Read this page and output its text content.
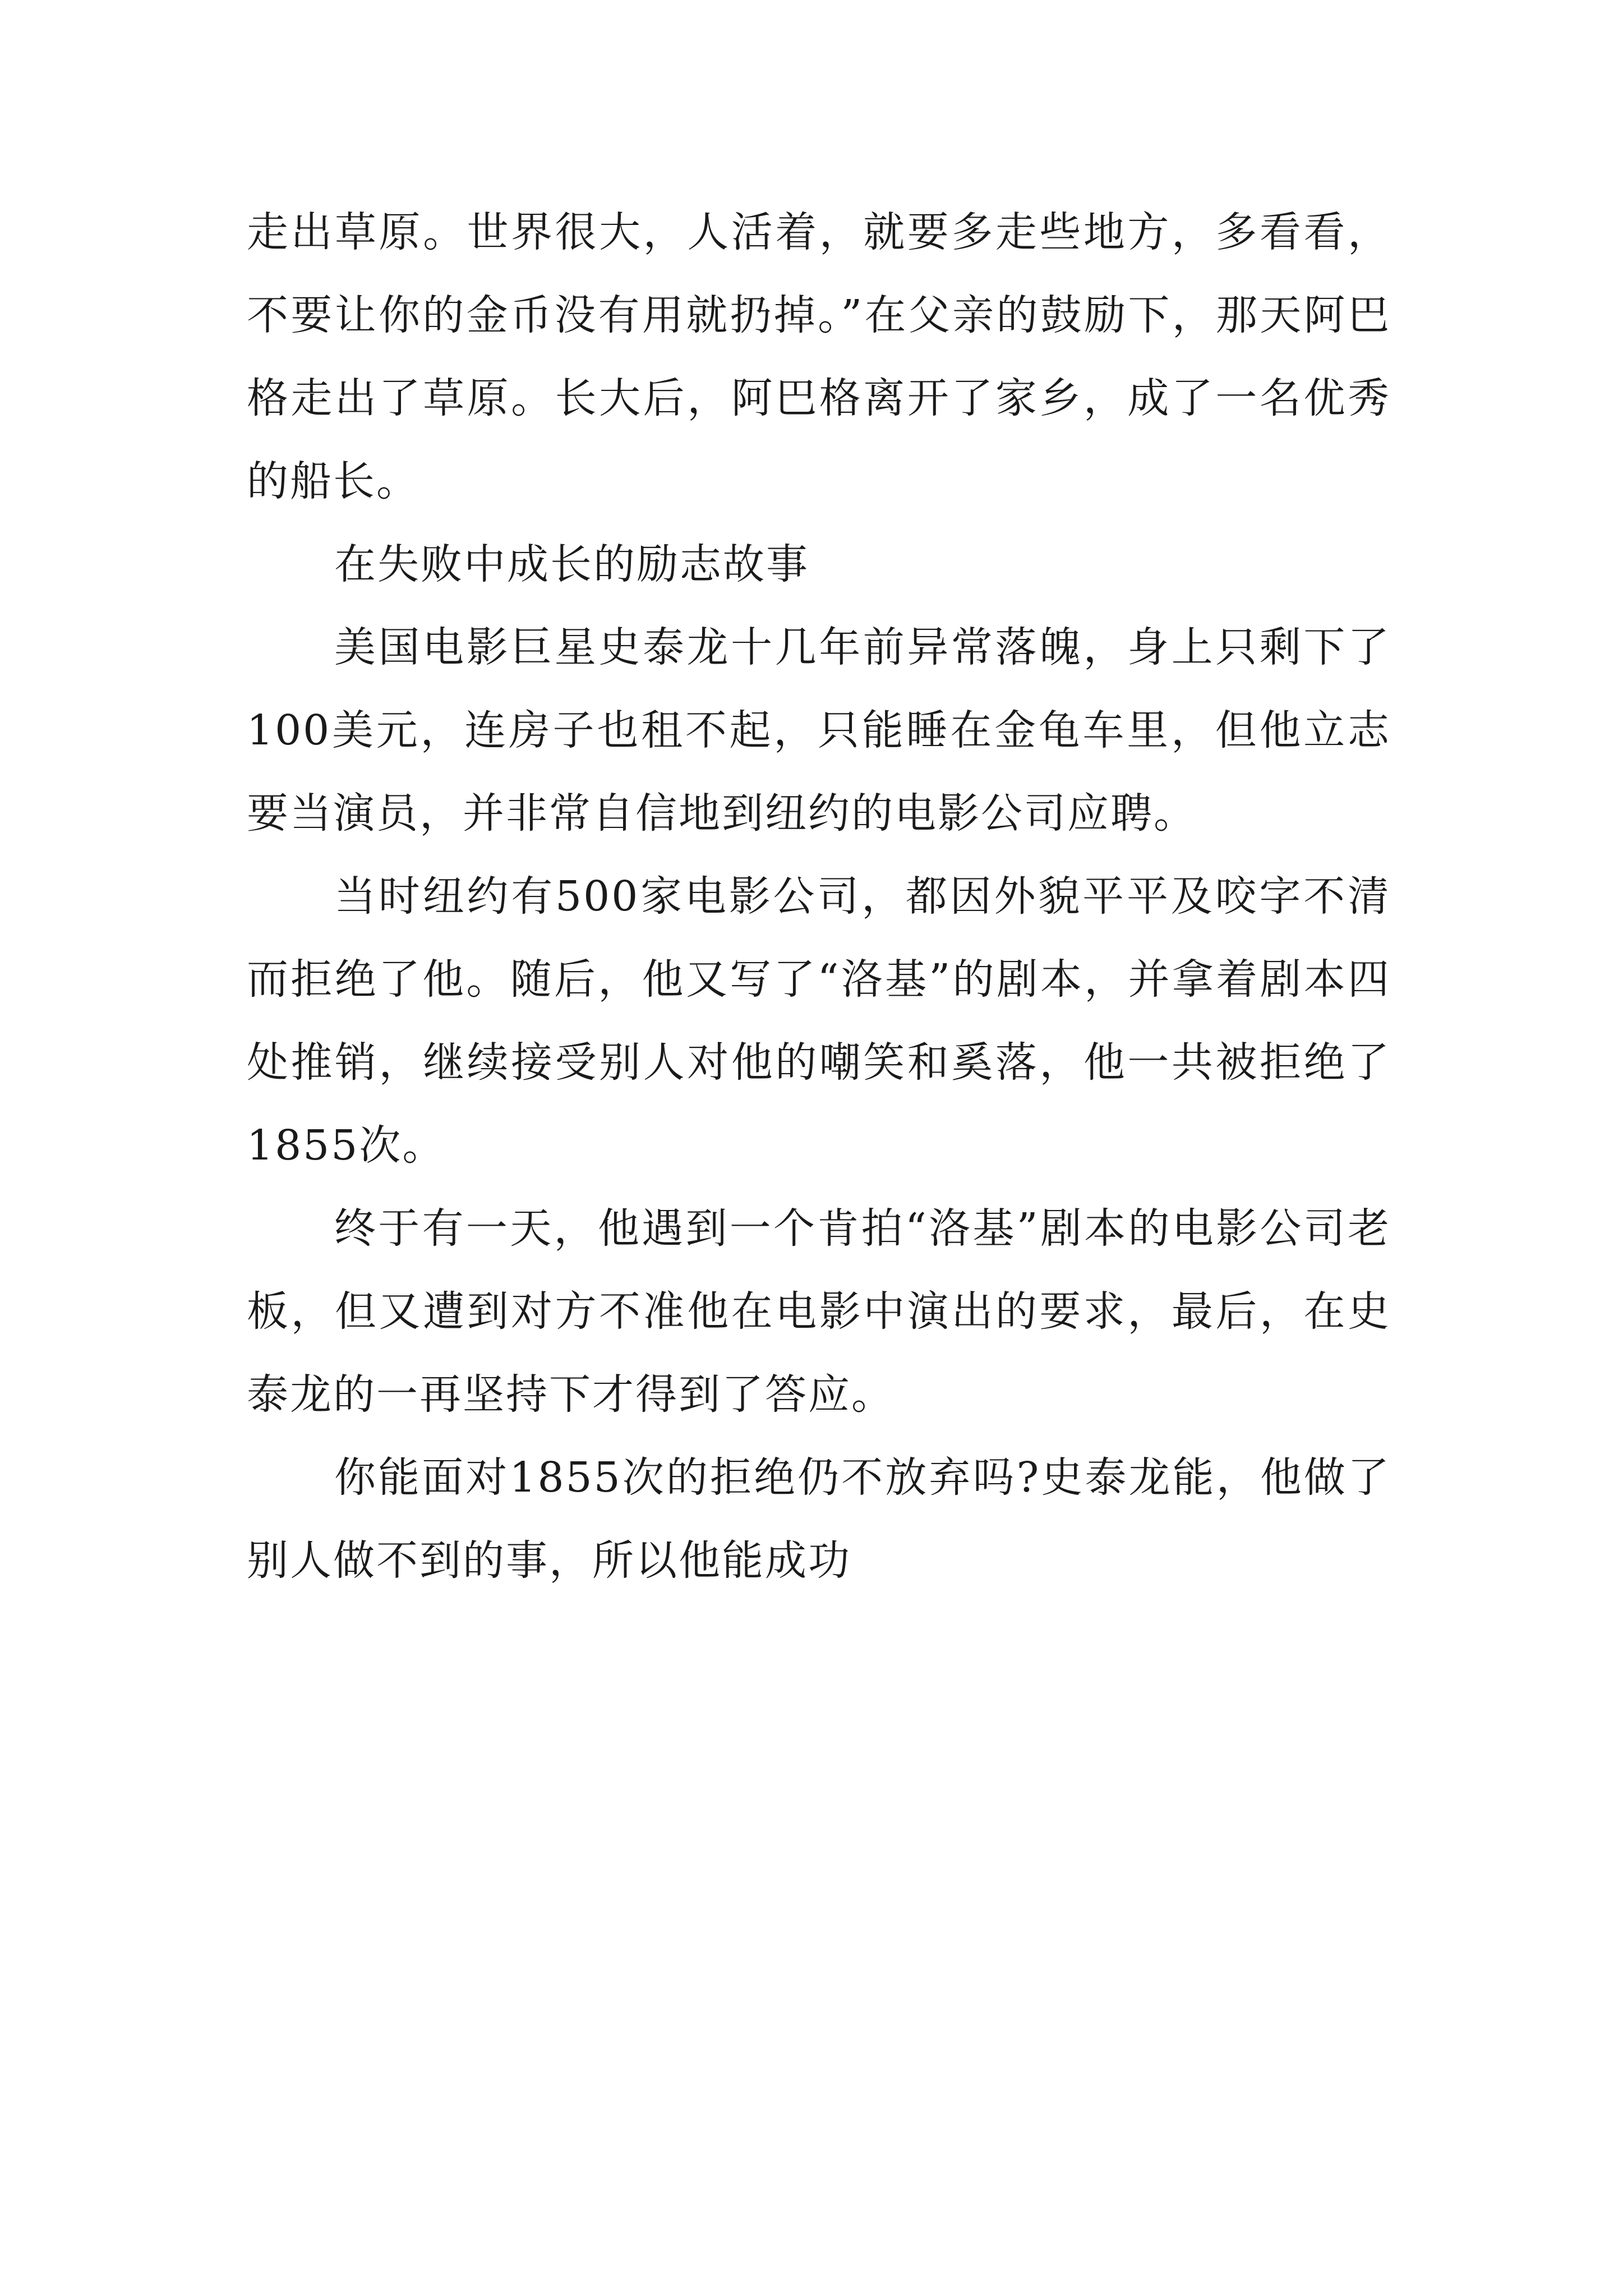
走出草原。世界很大，人活着，就要多走些地方，多看看，不要让你的金币没有用就扔掉。”在父亲的鼓励下，那天阿巴格走出了草原。长大后，阿巴格离开了家乡，成了一名优秀的船长。

在失败中成长的励志故事

美国电影巨星史泰龙十几年前异常落魄，身上只剩下了100美元，连房子也租不起，只能睡在金龟车里，但他立志要当演员，并非常自信地到纽约的电影公司应聘。

当时纽约有500家电影公司，都因外貌平平及咬字不清而拒绝了他。随后，他又写了“洛基”的剧本，并拿着剧本四处推销，继续接受别人对他的嘲笑和奚落，他一共被拒绝了1855次。

终于有一天，他遇到一个肯拍“洛基”剧本的电影公司老板，但又遭到对方不准他在电影中演出的要求，最后，在史泰龙的一再坚持下才得到了答应。

你能面对1855次的拒绝仍不放弃吗?史泰龙能，他做了别人做不到的事，所以他能成功
